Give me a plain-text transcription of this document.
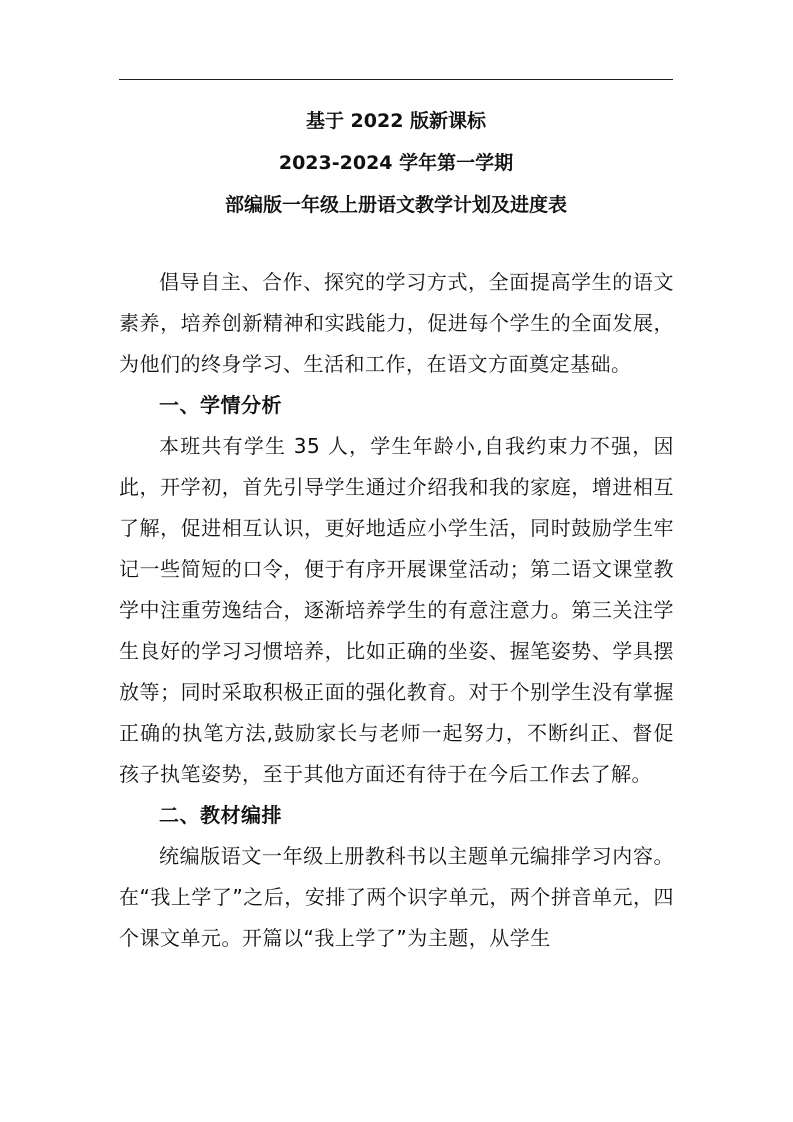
基于 2022 版新课标
2023-2024 学年第一学期
部编版一年级上册语文教学计划及进度表

倡导自主、合作、探究的学习方式，全面提高学生的语文素养，培养创新精神和实践能力，促进每个学生的全面发展，为他们的终身学习、生活和工作，在语文方面奠定基础。

一、学情分析

本班共有学生 35 人，学生年龄小,自我约束力不强，因此，开学初，首先引导学生通过介绍我和我的家庭，增进相互了解，促进相互认识，更好地适应小学生活，同时鼓励学生牢记一些简短的口令，便于有序开展课堂活动；第二语文课堂教学中注重劳逸结合，逐渐培养学生的有意注意力。第三关注学生良好的学习习惯培养，比如正确的坐姿、握笔姿势、学具摆放等；同时采取积极正面的强化教育。对于个别学生没有掌握正确的执笔方法,鼓励家长与老师一起努力，不断纠正、督促孩子执笔姿势，至于其他方面还有待于在今后工作去了解。

二、教材编排

统编版语文一年级上册教科书以主题单元编排学习内容。在“我上学了”之后，安排了两个识字单元，两个拼音单元，四个课文单元。开篇以“我上学了”为主题，从学生
